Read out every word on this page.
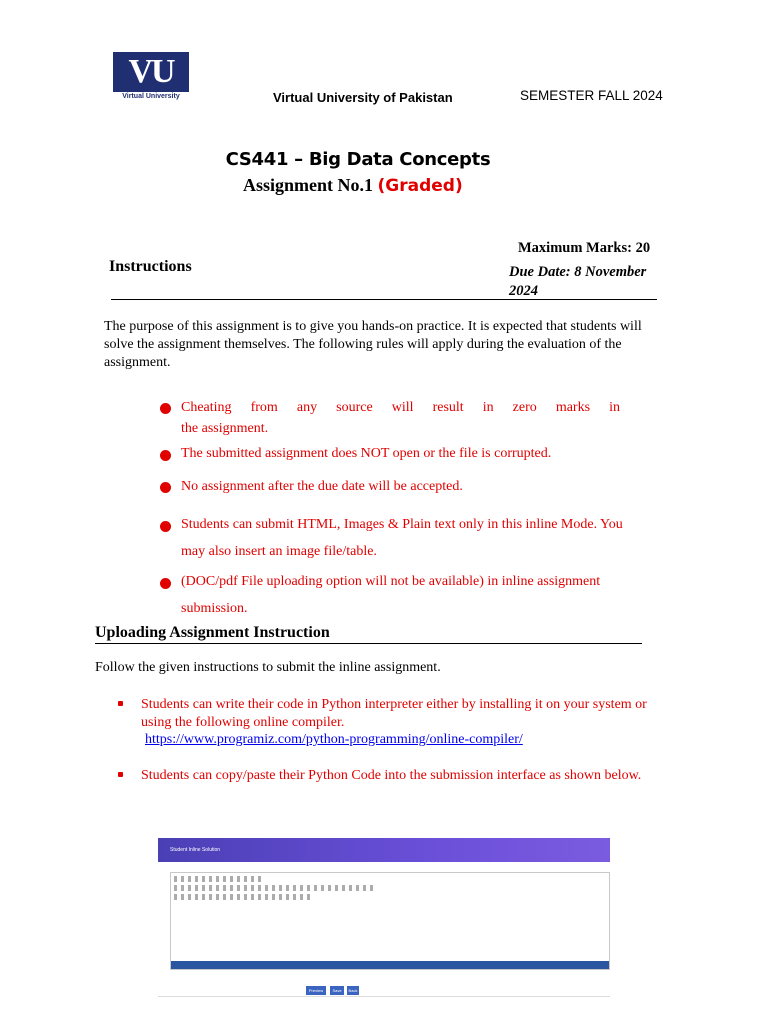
VU
Virtual University	Virtual University of Pakistan	SEMESTER FALL 2024
CS441 – Big Data Concepts
Assignment No.1 (Graded)
Maximum Marks: 20
Instructions	Due Date: 8 November 2024
The purpose of this assignment is to give you hands-on practice. It is expected that students will solve the assignment themselves. The following rules will apply during the evaluation of the assignment.
Cheating from any source will result in zero marks in
the assignment.
The submitted assignment does NOT open or the file is corrupted.
No assignment after the due date will be accepted.
Students can submit HTML, Images & Plain text only in this inline Mode. You
may also insert an image file/table.
(DOC/pdf File uploading option will not be available) in inline assignment
submission.
Uploading Assignment Instruction
Follow the given instructions to submit the inline assignment.
Students can write their code in Python interpreter either by installing it on your system or using the following online compiler.
https://www.programiz.com/python-programming/online-compiler/
Students can copy/paste their Python Code into the submission interface as shown below.
Student Inline Solution
Preview	Save	Back
